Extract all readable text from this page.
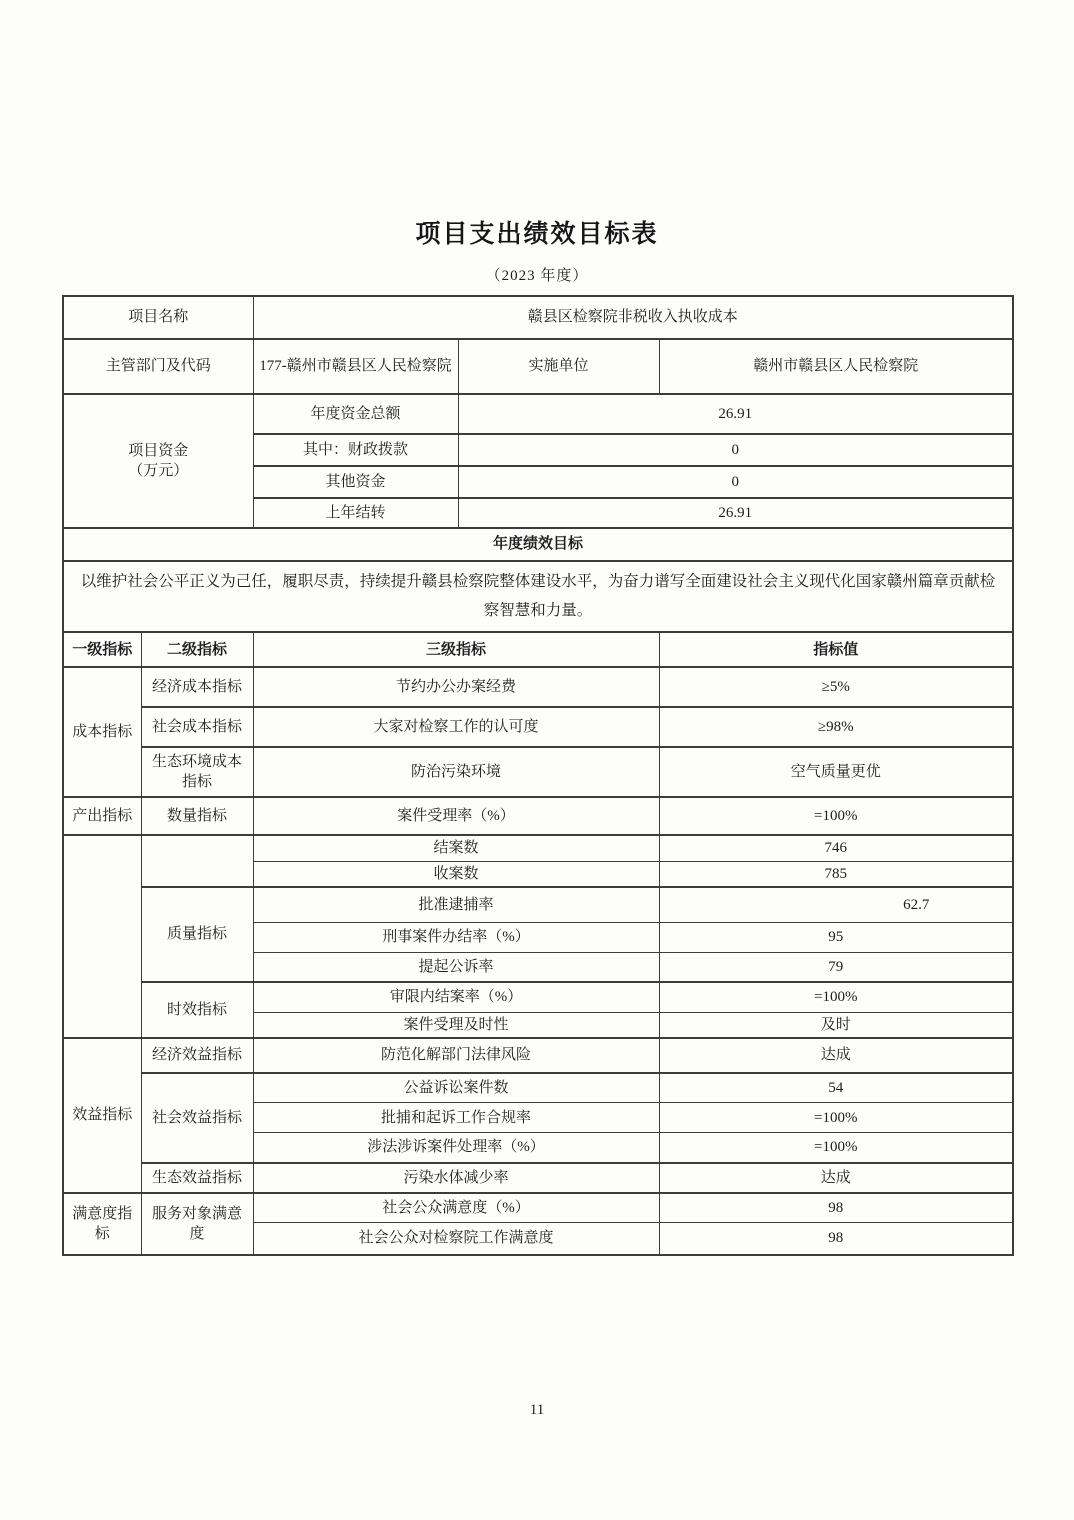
项目支出绩效目标表
（2023 年度）
项目名称		赣县区检察院非税收入执收成本		
主管部门及代码		177-赣州市赣县区人民检察院	实施单位	赣州市赣县区人民检察院
项目资金
（万元）		年度资金总额	26.91	
		其中：财政拨款	0	
		其他资金	0	
		上年结转	26.91	
年度绩效目标				
以维护社会公平正义为己任，履职尽责，持续提升赣县检察院整体建设水平，为奋力谱写全面建设社会主义现代化国家赣州篇章贡献检察智慧和力量。				
一级指标	二级指标	三级指标		指标值
成本指标	经济成本指标	节约办公办案经费		≥5%
	社会成本指标	大家对检察工作的认可度		≥98%
	生态环境成本指标	防治污染环境		空气质量更优
产出指标	数量指标	案件受理率（%）		=100%
		结案数		746
		收案数		785
	质量指标	批准逮捕率		62.7
		刑事案件办结率（%）		95
		提起公诉率		79
	时效指标	审限内结案率（%）		=100%
		案件受理及时性		及时
效益指标	经济效益指标	防范化解部门法律风险		达成
	社会效益指标	公益诉讼案件数		54
		批捕和起诉工作合规率		=100%
		涉法涉诉案件处理率（%）		=100%
	生态效益指标	污染水体减少率		达成
满意度指标	服务对象满意度	社会公众满意度（%）		98
		社会公众对检察院工作满意度		98
11
